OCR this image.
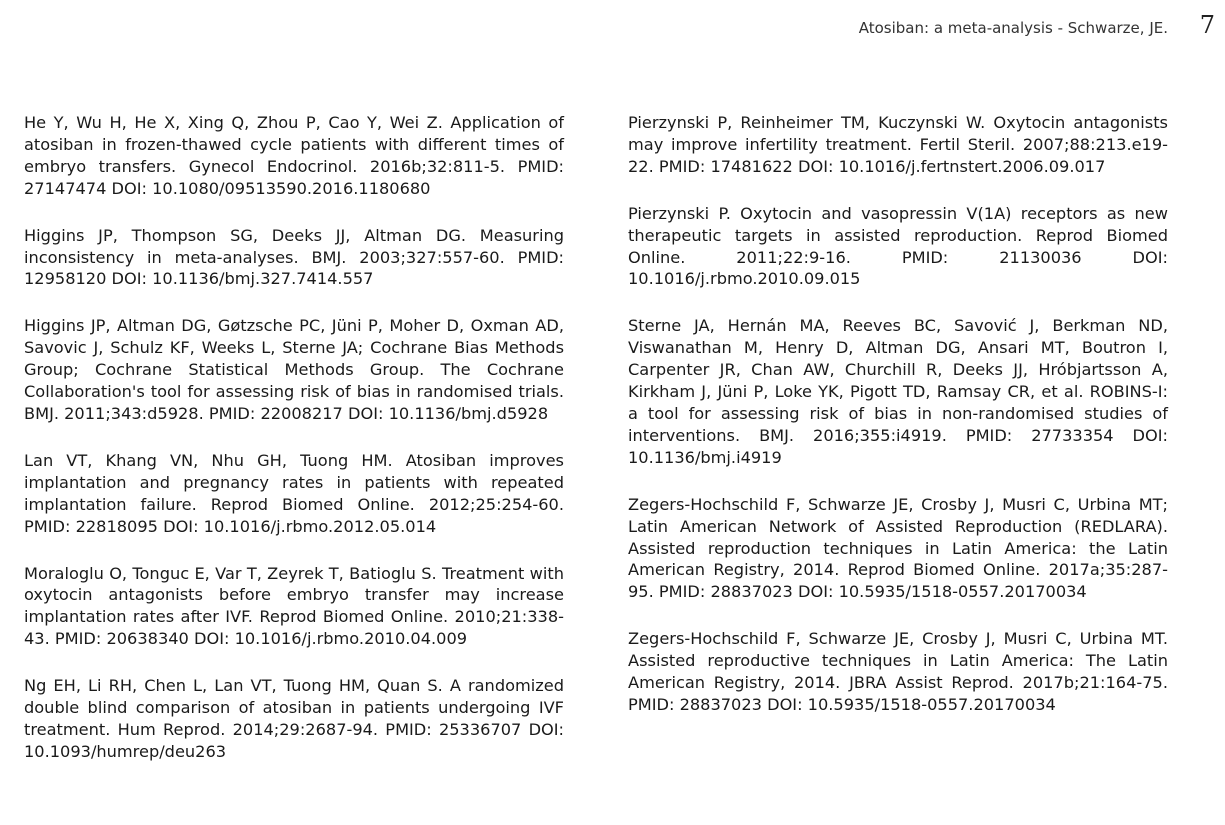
Atosiban: a meta-analysis - Schwarze, JE. 7

He Y, Wu H, He X, Xing Q, Zhou P, Cao Y, Wei Z. Application of atosiban in frozen-thawed cycle patients with different times of embryo transfers. Gynecol Endocrinol. 2016b;32:811-5. PMID: 27147474 DOI: 10.1080/09513590.2016.1180680

Higgins JP, Thompson SG, Deeks JJ, Altman DG. Measuring inconsistency in meta-analyses. BMJ. 2003;327:557-60. PMID: 12958120 DOI: 10.1136/bmj.327.7414.557

Higgins JP, Altman DG, Gøtzsche PC, Jüni P, Moher D, Oxman AD, Savovic J, Schulz KF, Weeks L, Sterne JA; Cochrane Bias Methods Group; Cochrane Statistical Methods Group. The Cochrane Collaboration's tool for assessing risk of bias in randomised trials. BMJ. 2011;343:d5928. PMID: 22008217 DOI: 10.1136/bmj.d5928

Lan VT, Khang VN, Nhu GH, Tuong HM. Atosiban improves implantation and pregnancy rates in patients with repeated implantation failure. Reprod Biomed Online. 2012;25:254-60. PMID: 22818095 DOI: 10.1016/j.rbmo.2012.05.014

Moraloglu O, Tonguc E, Var T, Zeyrek T, Batioglu S. Treatment with oxytocin antagonists before embryo transfer may increase implantation rates after IVF. Reprod Biomed Online. 2010;21:338-43. PMID: 20638340 DOI: 10.1016/j.rbmo.2010.04.009

Ng EH, Li RH, Chen L, Lan VT, Tuong HM, Quan S. A randomized double blind comparison of atosiban in patients undergoing IVF treatment. Hum Reprod. 2014;29:2687-94. PMID: 25336707 DOI: 10.1093/humrep/deu263

Pierzynski P, Reinheimer TM, Kuczynski W. Oxytocin antagonists may improve infertility treatment. Fertil Steril. 2007;88:213.e19-22. PMID: 17481622 DOI: 10.1016/j.fertnstert.2006.09.017

Pierzynski P. Oxytocin and vasopressin V(1A) receptors as new therapeutic targets in assisted reproduction. Reprod Biomed Online. 2011;22:9-16. PMID: 21130036 DOI: 10.1016/j.rbmo.2010.09.015

Sterne JA, Hernán MA, Reeves BC, Savović J, Berkman ND, Viswanathan M, Henry D, Altman DG, Ansari MT, Boutron I, Carpenter JR, Chan AW, Churchill R, Deeks JJ, Hróbjartsson A, Kirkham J, Jüni P, Loke YK, Pigott TD, Ramsay CR, et al. ROBINS-I: a tool for assessing risk of bias in non-randomised studies of interventions. BMJ. 2016;355:i4919. PMID: 27733354 DOI: 10.1136/bmj.i4919

Zegers-Hochschild F, Schwarze JE, Crosby J, Musri C, Urbina MT; Latin American Network of Assisted Reproduction (REDLARA). Assisted reproduction techniques in Latin America: the Latin American Registry, 2014. Reprod Biomed Online. 2017a;35:287-95. PMID: 28837023 DOI: 10.5935/1518-0557.20170034

Zegers-Hochschild F, Schwarze JE, Crosby J, Musri C, Urbina MT. Assisted reproductive techniques in Latin America: The Latin American Registry, 2014. JBRA Assist Reprod. 2017b;21:164-75. PMID: 28837023 DOI: 10.5935/1518-0557.20170034
